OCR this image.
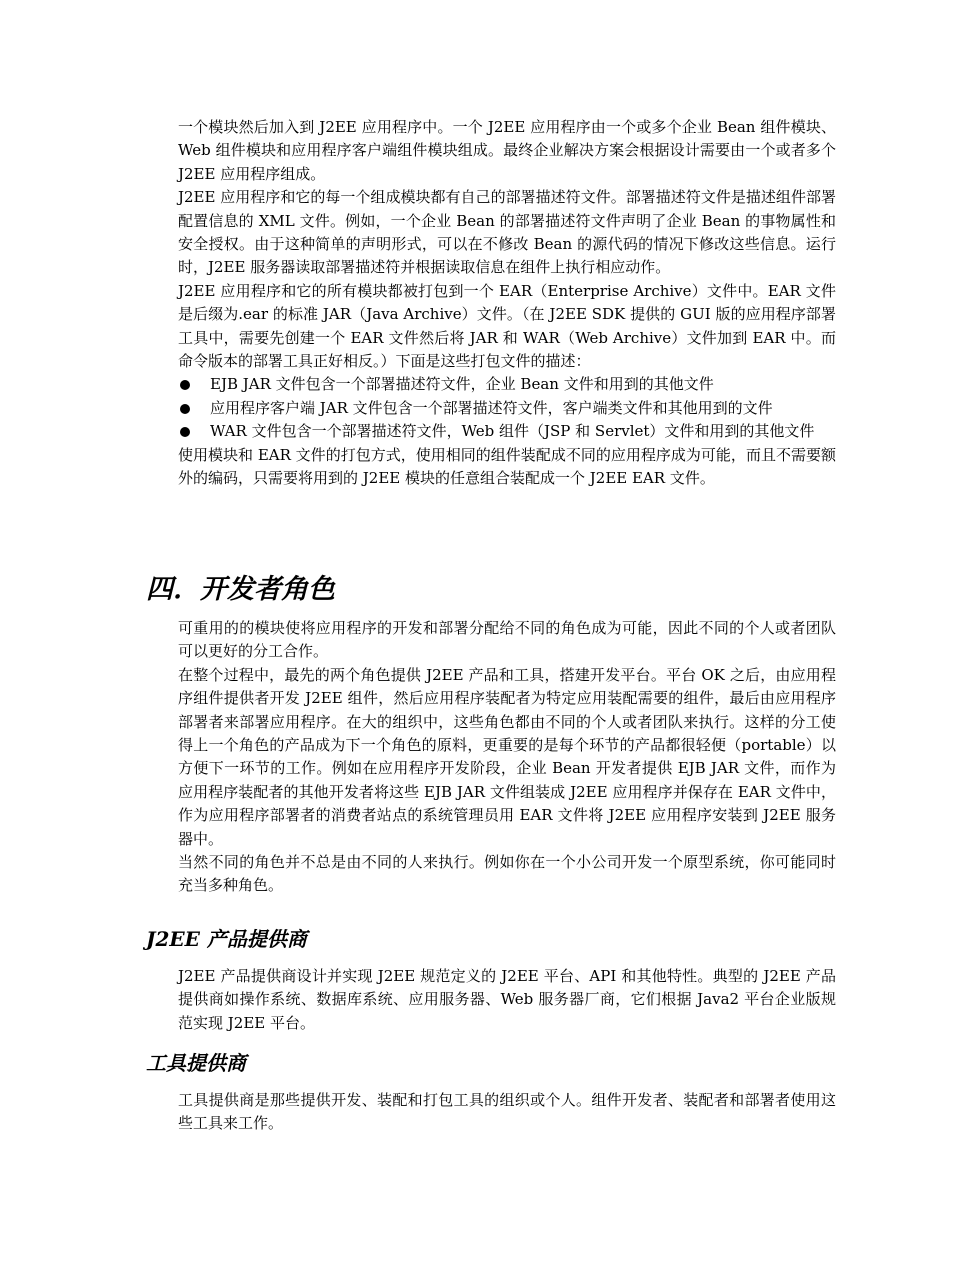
一个模块然后加入到 J2EE 应用程序中。一个 J2EE 应用程序由一个或多个企业 Bean 组件模块、Web 组件模块和应用程序客户端组件模块组成。最终企业解决方案会根据设计需要由一个或者多个 J2EE 应用程序组成。

J2EE 应用程序和它的每一个组成模块都有自己的部署描述符文件。部署描述符文件是描述组件部署配置信息的 XML 文件。例如，一个企业 Bean 的部署描述符文件声明了企业 Bean 的事物属性和安全授权。由于这种简单的声明形式，可以在不修改 Bean 的源代码的情况下修改这些信息。运行时，J2EE 服务器读取部署描述符并根据读取信息在组件上执行相应动作。

J2EE 应用程序和它的所有模块都被打包到一个 EAR（Enterprise Archive）文件中。EAR 文件是后缀为.ear 的标准 JAR（Java Archive）文件。（在 J2EE SDK 提供的 GUI 版的应用程序部署工具中，需要先创建一个 EAR 文件然后将 JAR 和 WAR（Web Archive）文件加到 EAR 中。而命令版本的部署工具正好相反。）下面是这些打包文件的描述：

EJB JAR 文件包含一个部署描述符文件，企业 Bean 文件和用到的其他文件
应用程序客户端 JAR 文件包含一个部署描述符文件，客户端类文件和其他用到的文件
WAR 文件包含一个部署描述符文件，Web 组件（JSP 和 Servlet）文件和用到的其他文件

使用模块和 EAR 文件的打包方式，使用相同的组件装配成不同的应用程序成为可能，而且不需要额外的编码，只需要将用到的 J2EE 模块的任意组合装配成一个 J2EE EAR 文件。

四．开发者角色

可重用的的模块使将应用程序的开发和部署分配给不同的角色成为可能，因此不同的个人或者团队可以更好的分工合作。

在整个过程中，最先的两个角色提供 J2EE 产品和工具，搭建开发平台。平台 OK 之后，由应用程序组件提供者开发 J2EE 组件，然后应用程序装配者为特定应用装配需要的组件，最后由应用程序部署者来部署应用程序。在大的组织中，这些角色都由不同的个人或者团队来执行。这样的分工使得上一个角色的产品成为下一个角色的原料，更重要的是每个环节的产品都很轻便（portable）以方便下一环节的工作。例如在应用程序开发阶段，企业 Bean 开发者提供 EJB JAR 文件，而作为应用程序装配者的其他开发者将这些 EJB JAR 文件组装成 J2EE 应用程序并保存在 EAR 文件中，作为应用程序部署者的消费者站点的系统管理员用 EAR 文件将 J2EE 应用程序安装到 J2EE 服务器中。

当然不同的角色并不总是由不同的人来执行。例如你在一个小公司开发一个原型系统，你可能同时充当多种角色。

J2EE 产品提供商

J2EE 产品提供商设计并实现 J2EE 规范定义的 J2EE 平台、API 和其他特性。典型的 J2EE 产品提供商如操作系统、数据库系统、应用服务器、Web 服务器厂商，它们根据 Java2 平台企业版规范实现 J2EE 平台。

工具提供商

工具提供商是那些提供开发、装配和打包工具的组织或个人。组件开发者、装配者和部署者使用这些工具来工作。
